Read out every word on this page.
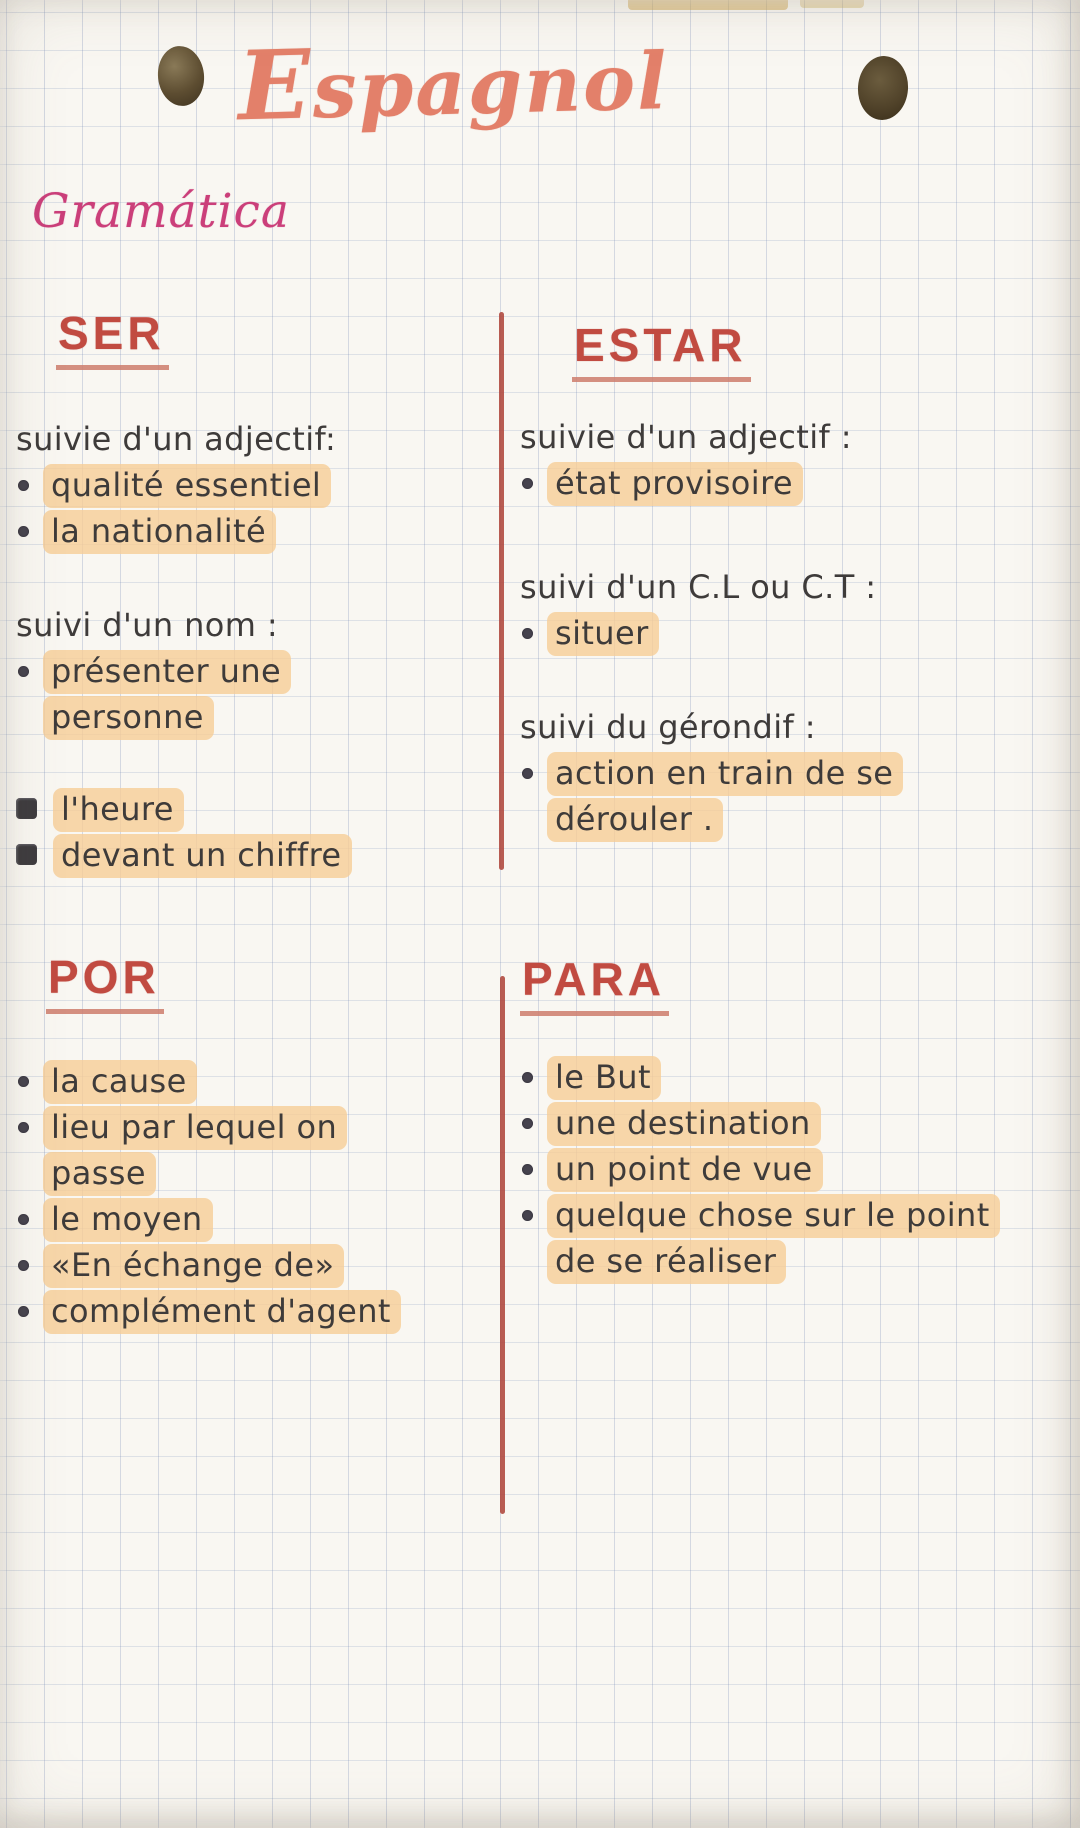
Espagnol
Gramática
SER	ESTAR
POR	PARA
suivie d'un adjectif:
qualité essentiel
la nationalité
suivi d'un nom :
présenter une personne
l'heure
devant un chiffre
suivie d'un adjectif :
état provisoire
suivi d'un C.L ou C.T :
situer
suivi du gérondif :
action en train de se dérouler .
la cause
lieu par lequel on passe
le moyen
«En échange de»
complément d'agent
le But
une destination
un point de vue
quelque chose sur le point de se réaliser
